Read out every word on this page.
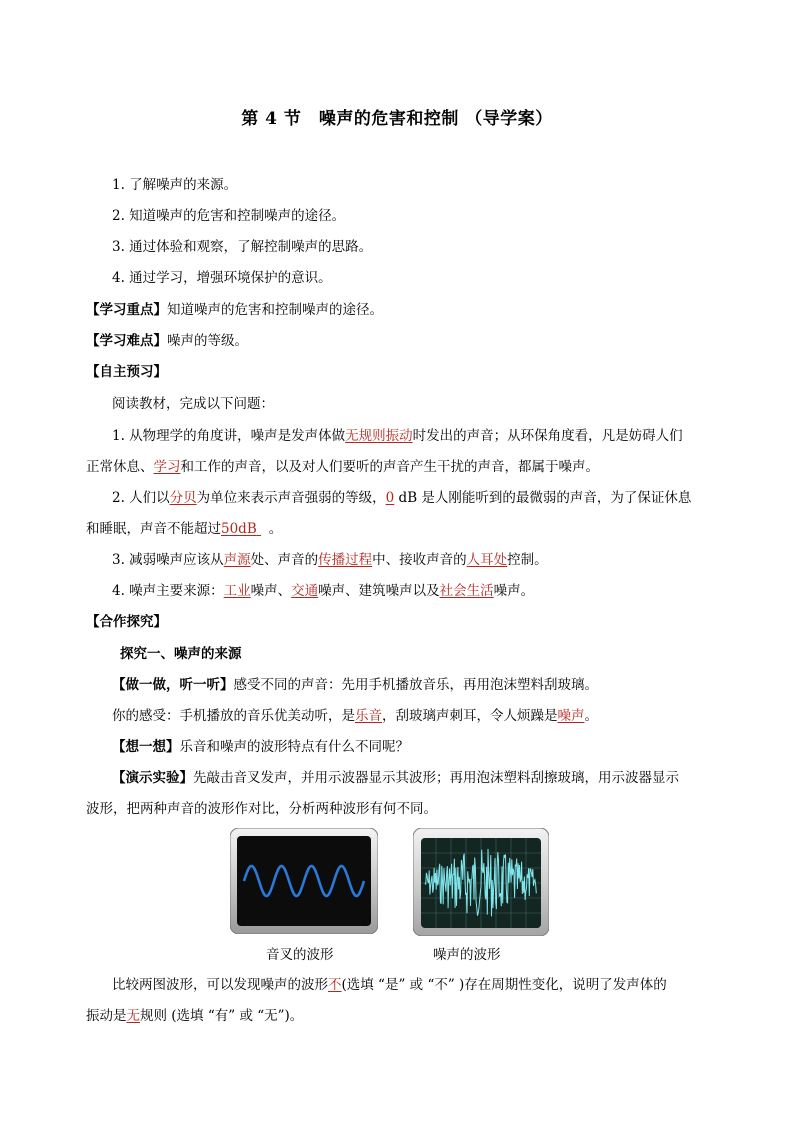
第 4 节　噪声的危害和控制 （导学案）
1. 了解噪声的来源。
2. 知道噪声的危害和控制噪声的途径。
3. 通过体验和观察，了解控制噪声的思路。
4. 通过学习，增强环境保护的意识。
【学习重点】知道噪声的危害和控制噪声的途径。
【学习难点】噪声的等级。
【自主预习】
阅读教材，完成以下问题：
1. 从物理学的角度讲，噪声是发声体做无规则振动时发出的声音；从环保角度看，凡是妨碍人们
正常休息、学习和工作的声音，以及对人们要听的声音产生干扰的声音，都属于噪声。
2. 人们以分贝为单位来表示声音强弱的等级，0 dB 是人刚能听到的最微弱的声音，为了保证休息
和睡眠，声音不能超过50dB 。
3. 减弱噪声应该从声源处、声音的传播过程中、接收声音的人耳处控制。
4. 噪声主要来源：工业噪声、交通噪声、建筑噪声以及社会生活噪声。
【合作探究】
探究一、噪声的来源
【做一做，听一听】感受不同的声音：先用手机播放音乐，再用泡沫塑料刮玻璃。
你的感受：手机播放的音乐优美动听，是乐音，刮玻璃声刺耳，令人烦躁是噪声。
【想一想】乐音和噪声的波形特点有什么不同呢？
【演示实验】先敲击音叉发声，并用示波器显示其波形；再用泡沫塑料刮擦玻璃，用示波器显示
波形，把两种声音的波形作对比，分析两种波形有何不同。
音叉的波形	噪声的波形
比较两图波形，可以发现噪声的波形不(选填 “是” 或 “不” )存在周期性变化，说明了发声体的
振动是无规则 (选填 “有” 或 “无”)。
